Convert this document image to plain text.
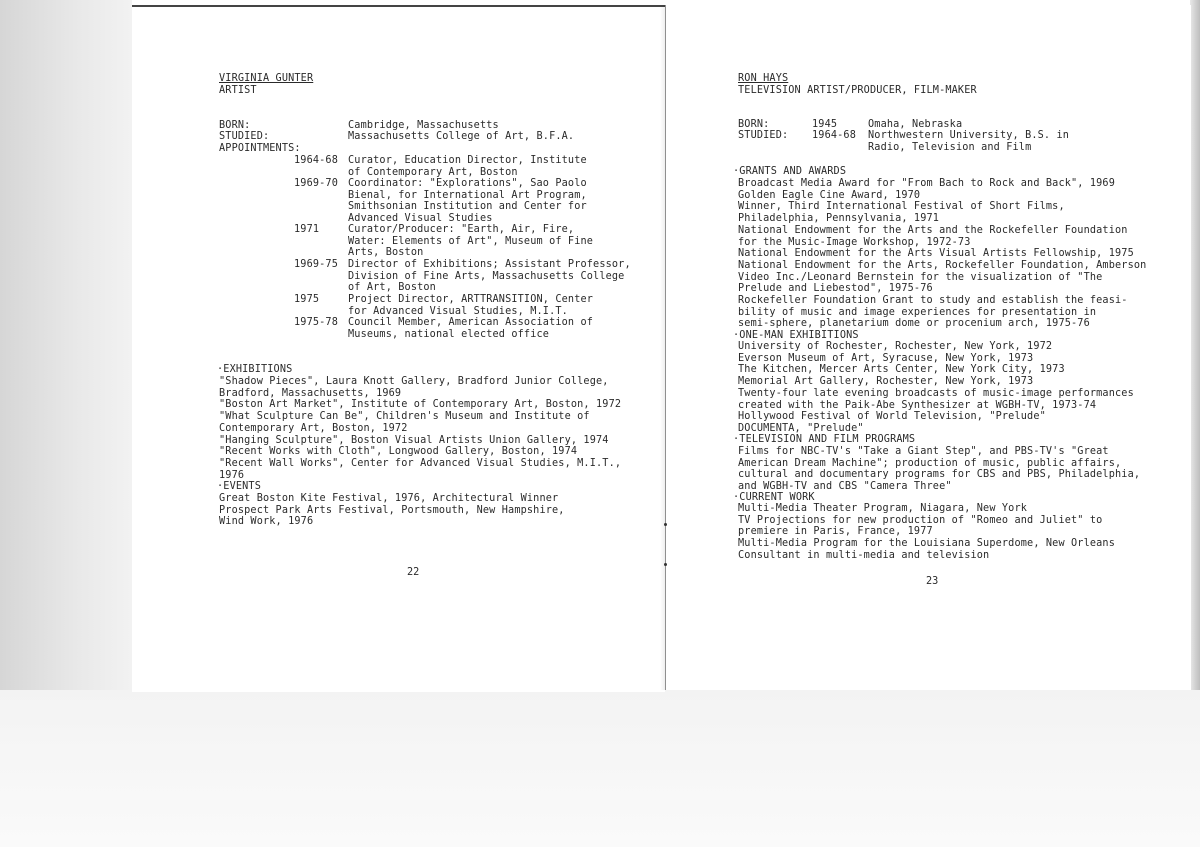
VIRGINIA GUNTER
ARTIST
BORN:	Cambridge, Massachusetts
STUDIED:	Massachusetts College of Art, B.F.A.
APPOINTMENTS:
1964-68 Curator, Education Director, Institute
of Contemporary Art, Boston
1969-70 Coordinator: "Explorations", Sao Paolo
Bienal, for International Art Program,
Smithsonian Institution and Center for
Advanced Visual Studies
1971	Curator/Producer: "Earth, Air, Fire,
Water: Elements of Art", Museum of Fine
Arts, Boston
1969-75 Director of Exhibitions; Assistant Professor,
Division of Fine Arts, Massachusetts College
of Art, Boston
1975	Project Director, ARTTRANSITION, Center
for Advanced Visual Studies, M.I.T.
1975-78 Council Member, American Association of
Museums, national elected office
·EXHIBITIONS
"Shadow Pieces", Laura Knott Gallery, Bradford Junior College,
Bradford, Massachusetts, 1969
"Boston Art Market", Institute of Contemporary Art, Boston, 1972
"What Sculpture Can Be", Children's Museum and Institute of
Contemporary Art, Boston, 1972
"Hanging Sculpture", Boston Visual Artists Union Gallery, 1974
"Recent Works with Cloth", Longwood Gallery, Boston, 1974
"Recent Wall Works", Center for Advanced Visual Studies, M.I.T.,
1976
·EVENTS
Great Boston Kite Festival, 1976, Architectural Winner
Prospect Park Arts Festival, Portsmouth, New Hampshire,
Wind Work, 1976
22
RON HAYS
TELEVISION ARTIST/PRODUCER, FILM-MAKER
BORN:	1945	Omaha, Nebraska
STUDIED: 1964-68 Northwestern University, B.S. in
Radio, Television and Film
·GRANTS AND AWARDS
Broadcast Media Award for "From Bach to Rock and Back", 1969
Golden Eagle Cine Award, 1970
Winner, Third International Festival of Short Films,
Philadelphia, Pennsylvania, 1971
National Endowment for the Arts and the Rockefeller Foundation
for the Music-Image Workshop, 1972-73
National Endowment for the Arts Visual Artists Fellowship, 1975
National Endowment for the Arts, Rockefeller Foundation, Amberson
Video Inc./Leonard Bernstein for the visualization of "The
Prelude and Liebestod", 1975-76
Rockefeller Foundation Grant to study and establish the feasi-
bility of music and image experiences for presentation in
semi-sphere, planetarium dome or procenium arch, 1975-76
·ONE-MAN EXHIBITIONS
University of Rochester, Rochester, New York, 1972
Everson Museum of Art, Syracuse, New York, 1973
The Kitchen, Mercer Arts Center, New York City, 1973
Memorial Art Gallery, Rochester, New York, 1973
Twenty-four late evening broadcasts of music-image performances
created with the Paik-Abe Synthesizer at WGBH-TV, 1973-74
Hollywood Festival of World Television, "Prelude"
DOCUMENTA, "Prelude"
·TELEVISION AND FILM PROGRAMS
Films for NBC-TV's "Take a Giant Step", and PBS-TV's "Great
American Dream Machine"; production of music, public affairs,
cultural and documentary programs for CBS and PBS, Philadelphia,
and WGBH-TV and CBS "Camera Three"
·CURRENT WORK
Multi-Media Theater Program, Niagara, New York
TV Projections for new production of "Romeo and Juliet" to
premiere in Paris, France, 1977
Multi-Media Program for the Louisiana Superdome, New Orleans
Consultant in multi-media and television
23
